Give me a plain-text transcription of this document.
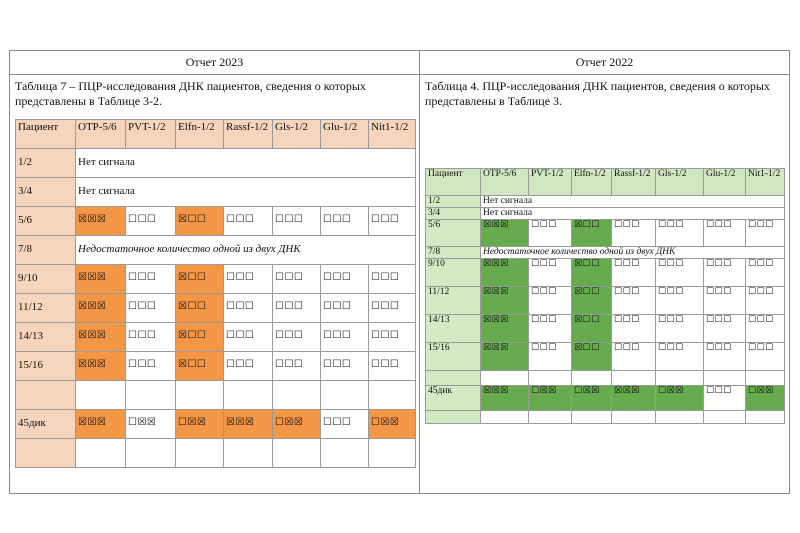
Отчет 2023
Таблица 7 – ПЦР-исследования ДНК пациентов, сведения о которых представлены в Таблице 3-2.
Пациент	OTP-5/6	PVT-1/2	Elfn-1/2	Rassf-1/2	Gls-1/2	Glu-1/2	Nit1-1/2
1/2	Нет сигнала						
3/4	Нет сигнала						
5/6	☒☒☒	☐☐☐	☒☐☐	☐☐☐	☐☐☐	☐☐☐	☐☐☐
7/8	Недостаточное количество одной из двух ДНК						
9/10	☒☒☒	☐☐☐	☒☐☐	☐☐☐	☐☐☐	☐☐☐	☐☐☐
11/12	☒☒☒	☐☐☐	☒☐☐	☐☐☐	☐☐☐	☐☐☐	☐☐☐
14/13	☒☒☒	☐☐☐	☒☐☐	☐☐☐	☐☐☐	☐☐☐	☐☐☐
15/16	☒☒☒	☐☐☐	☒☐☐	☐☐☐	☐☐☐	☐☐☐	☐☐☐

45дик	☒☒☒	☐☒☒	☐☒☒	☒☒☒	☐☒☒	☐☐☐	☐☒☒

Отчет 2022
Таблица 4. ПЦР-исследования ДНК пациентов, сведения о которых представлены в Таблице 3.
Пациент	OTP-5/6	PVT-1/2	Elfn-1/2	Rassf-1/2	Gls-1/2	Glu-1/2	Nit1-1/2
1/2	Нет сигнала						
3/4	Нет сигнала						
5/6	☒☒☒	☐☐☐	☒☐☐	☐☐☐	☐☐☐	☐☐☐	☐☐☐
7/8	Недостаточное количество одной из двух ДНК						
9/10	☒☒☒	☐☐☐	☒☐☐	☐☐☐	☐☐☐	☐☐☐	☐☐☐
11/12	☒☒☒	☐☐☐	☒☐☐	☐☐☐	☐☐☐	☐☐☐	☐☐☐
14/13	☒☒☒	☐☐☐	☒☐☐	☐☐☐	☐☐☐	☐☐☐	☐☐☐
15/16	☒☒☒	☐☐☐	☒☐☐	☐☐☐	☐☐☐	☐☐☐	☐☐☐

45дик	☒☒☒	☐☒☒	☐☒☒	☒☒☒	☐☒☒	☐☐☐	☐☒☒
